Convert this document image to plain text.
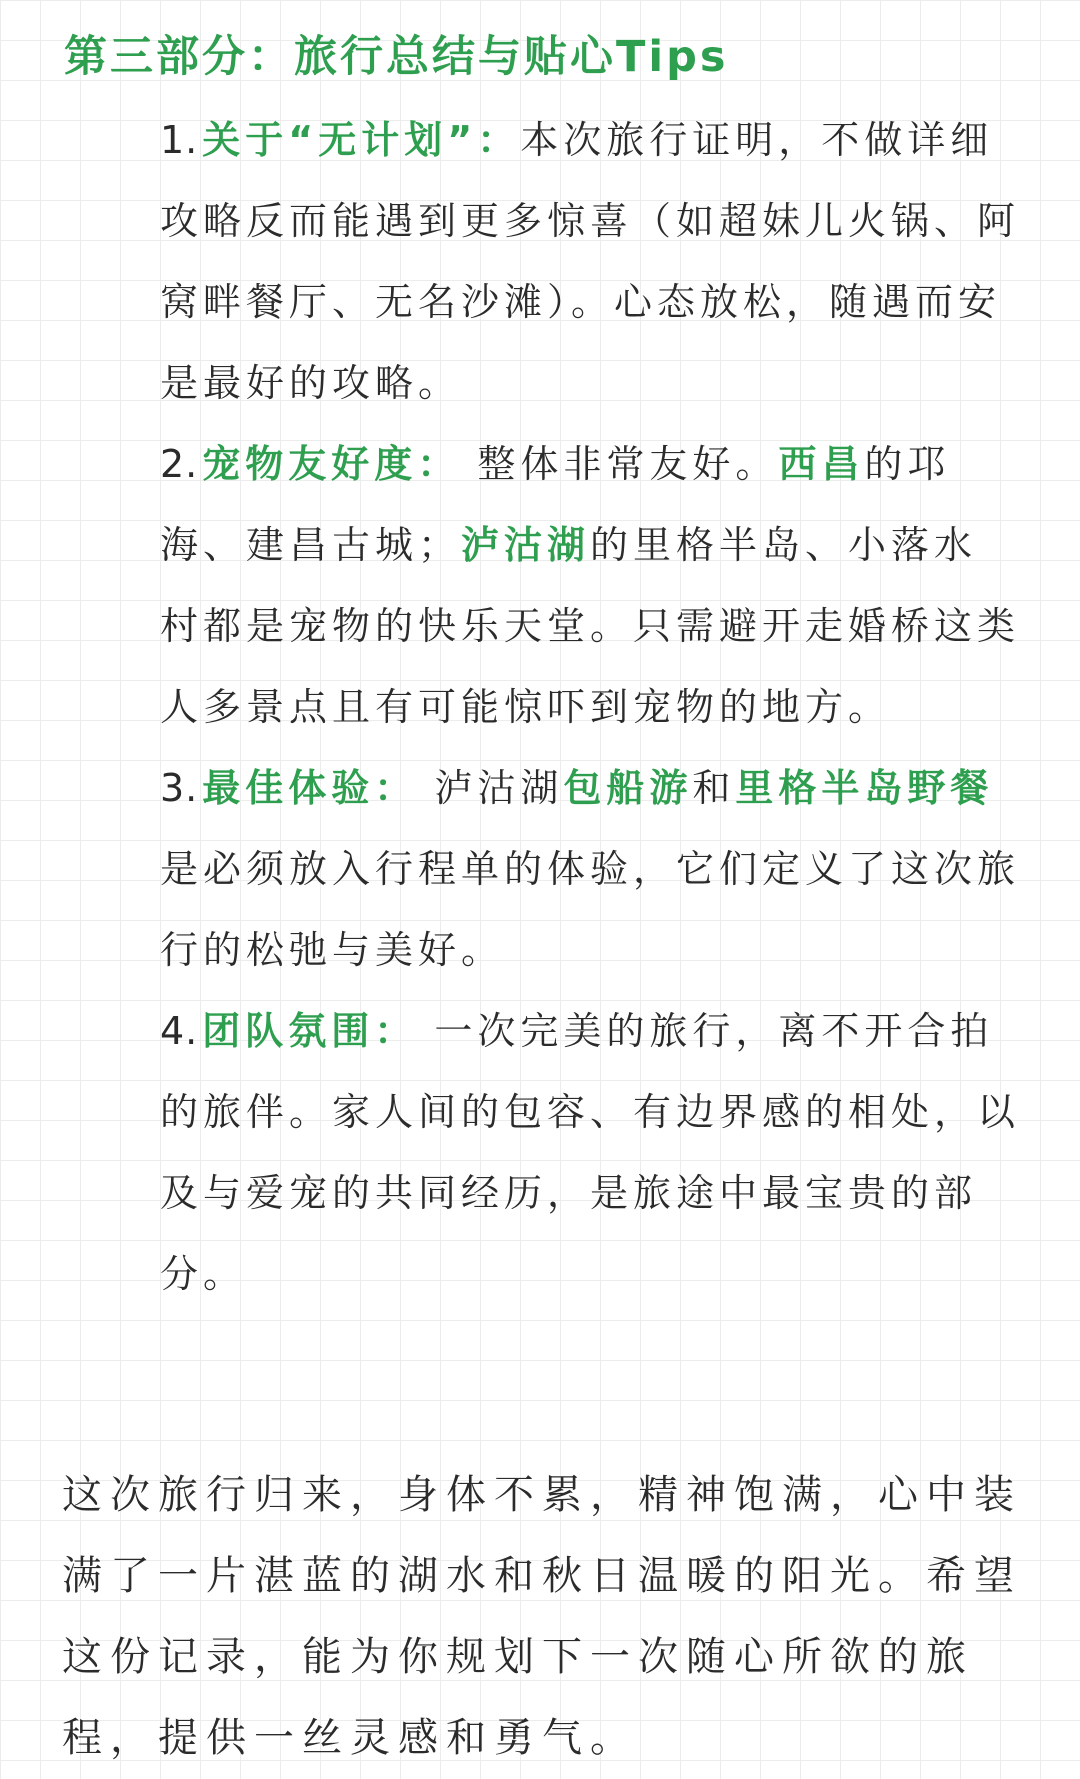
第三部分：旅行总结与贴心Tips
1. 关于“无计划”：本次旅行证明，不做详细攻略反而能遇到更多惊喜（如超妹儿火锅、阿窝畔餐厅、无名沙滩）。心态放松，随遇而安是最好的攻略。
2. 宠物友好度： 整体非常友好。西昌的邛海、建昌古城；泸沽湖的里格半岛、小落水村都是宠物的快乐天堂。只需避开走婚桥这类人多景点且有可能惊吓到宠物的地方。
3. 最佳体验： 泸沽湖包船游和里格半岛野餐是必须放入行程单的体验，它们定义了这次旅行的松弛与美好。
4. 团队氛围： 一次完美的旅行，离不开合拍的旅伴。家人间的包容、有边界感的相处，以及与爱宠的共同经历，是旅途中最宝贵的部分。

这次旅行归来，身体不累，精神饱满，心中装满了一片湛蓝的湖水和秋日温暖的阳光。希望这份记录，能为你规划下一次随心所欲的旅程，提供一丝灵感和勇气。
